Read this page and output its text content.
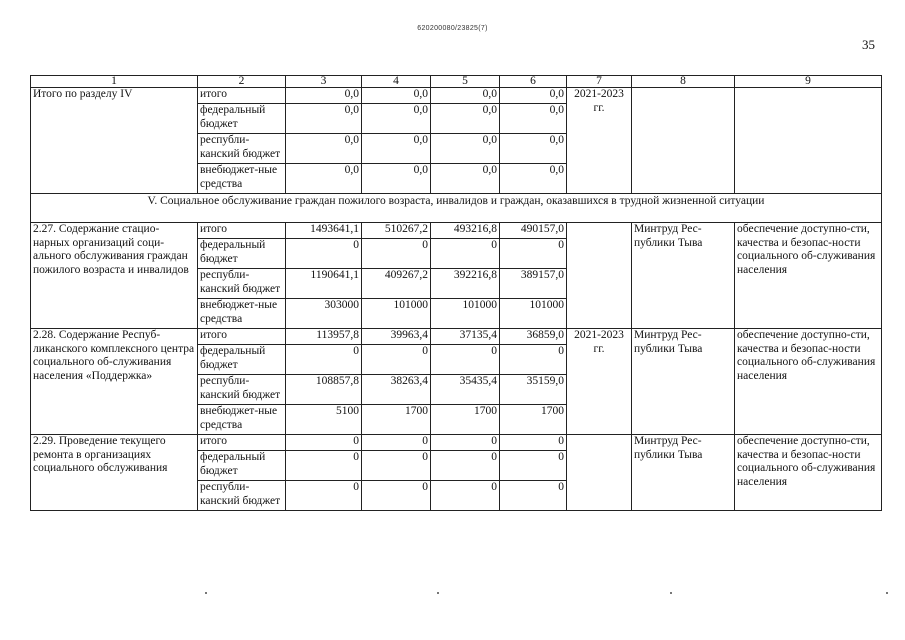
620200080/23825(7)
35
1	2	3	4	5	6	7	8	9
Итого по разделу IV	итого	0,0	0,0	0,0	0,0	2021-2023 гг.		
	федеральный бюджет	0,0	0,0	0,0	0,0			
	республи-канский бюджет	0,0	0,0	0,0	0,0			
	внебюджет-ные средства	0,0	0,0	0,0	0,0			
V. Социальное обслуживание граждан пожилого возраста, инвалидов и граждан, оказавшихся в трудной жизненной ситуации								
2.27. Содержание стацио-нарных организаций соци-ального обслуживания граждан пожилого возраста и инвалидов	итого	1493641,1	510267,2	493216,8	490157,0		Минтруд Рес-публики Тыва	обеспечение доступно-сти, качества и безопас-ности социального об-служивания населения
	федеральный бюджет	0	0	0	0			
	республи-канский бюджет	1190641,1	409267,2	392216,8	389157,0			
	внебюджет-ные средства	303000	101000	101000	101000			
2.28. Содержание Респуб-ликанского комплексного центра социального об-служивания населения «Поддержка»	итого	113957,8	39963,4	37135,4	36859,0	2021-2023 гг.	Минтруд Рес-публики Тыва	обеспечение доступно-сти, качества и безопас-ности социального об-служивания населения
	федеральный бюджет	0	0	0	0			
	республи-канский бюджет	108857,8	38263,4	35435,4	35159,0			
	внебюджет-ные средства	5100	1700	1700	1700			
2.29. Проведение текущего ремонта в организациях социального обслуживания	итого	0	0	0	0		Минтруд Рес-публики Тыва	обеспечение доступно-сти, качества и безопас-ности социального об-служивания населения
	федеральный бюджет	0	0	0	0			
	республи-канский бюджет	0	0	0	0			
